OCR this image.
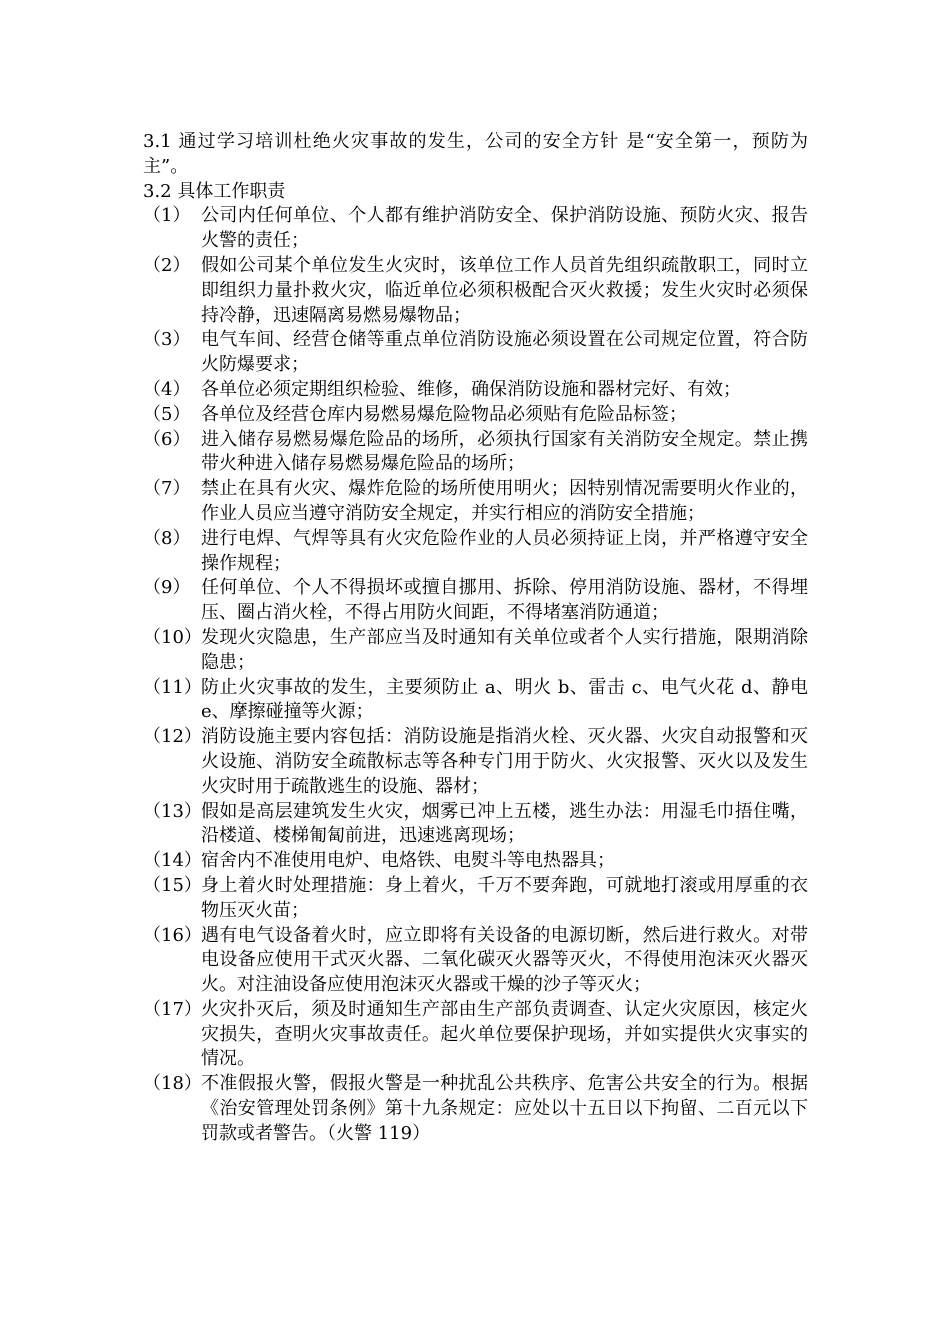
3.1 通过学习培训杜绝火灾事故的发生，公司的安全方针 是“安全第一，预防为主”。

3.2 具体工作职责

（1） 公司内任何单位、个人都有维护消防安全、保护消防设施、预防火灾、报告火警的责任；
（2） 假如公司某个单位发生火灾时，该单位工作人员首先组织疏散职工，同时立即组织力量扑救火灾，临近单位必须积极配合灭火救援；发生火灾时必须保持冷静，迅速隔离易燃易爆物品；
（3） 电气车间、经营仓储等重点单位消防设施必须设置在公司规定位置，符合防火防爆要求；
（4） 各单位必须定期组织检验、维修，确保消防设施和器材完好、有效；
（5） 各单位及经营仓库内易燃易爆危险物品必须贴有危险品标签；
（6） 进入储存易燃易爆危险品的场所，必须执行国家有关消防安全规定。禁止携带火种进入储存易燃易爆危险品的场所；
（7） 禁止在具有火灾、爆炸危险的场所使用明火；因特别情况需要明火作业的，作业人员应当遵守消防安全规定，并实行相应的消防安全措施；
（8） 进行电焊、气焊等具有火灾危险作业的人员必须持证上岗，并严格遵守安全操作规程；
（9） 任何单位、个人不得损坏或擅自挪用、拆除、停用消防设施、器材，不得埋压、圈占消火栓，不得占用防火间距，不得堵塞消防通道；
（10） 发现火灾隐患，生产部应当及时通知有关单位或者个人实行措施，限期消除隐患；
（11） 防止火灾事故的发生，主要须防止 a、明火 b、雷击 c、电气火花 d、静电 e、摩擦碰撞等火源；
（12） 消防设施主要内容包括：消防设施是指消火栓、灭火器、火灾自动报警和灭火设施、消防安全疏散标志等各种专门用于防火、火灾报警、灭火以及发生火灾时用于疏散逃生的设施、器材；
（13） 假如是高层建筑发生火灾，烟雾已冲上五楼，逃生办法：用湿毛巾捂住嘴，沿楼道、楼梯匍匐前进，迅速逃离现场；
（14） 宿舍内不准使用电炉、电烙铁、电熨斗等电热器具；
（15） 身上着火时处理措施：身上着火，千万不要奔跑，可就地打滚或用厚重的衣物压灭火苗；
（16） 遇有电气设备着火时，应立即将有关设备的电源切断，然后进行救火。对带电设备应使用干式灭火器、二氧化碳灭火器等灭火，不得使用泡沫灭火器灭火。对注油设备应使用泡沫灭火器或干燥的沙子等灭火；
（17） 火灾扑灭后，须及时通知生产部由生产部负责调查、认定火灾原因，核定火灾损失，查明火灾事故责任。起火单位要保护现场，并如实提供火灾事实的情况。
（18） 不准假报火警，假报火警是一种扰乱公共秩序、危害公共安全的行为。根据《治安管理处罚条例》第十九条规定：应处以十五日以下拘留、二百元以下罚款或者警告。（火警 119）
